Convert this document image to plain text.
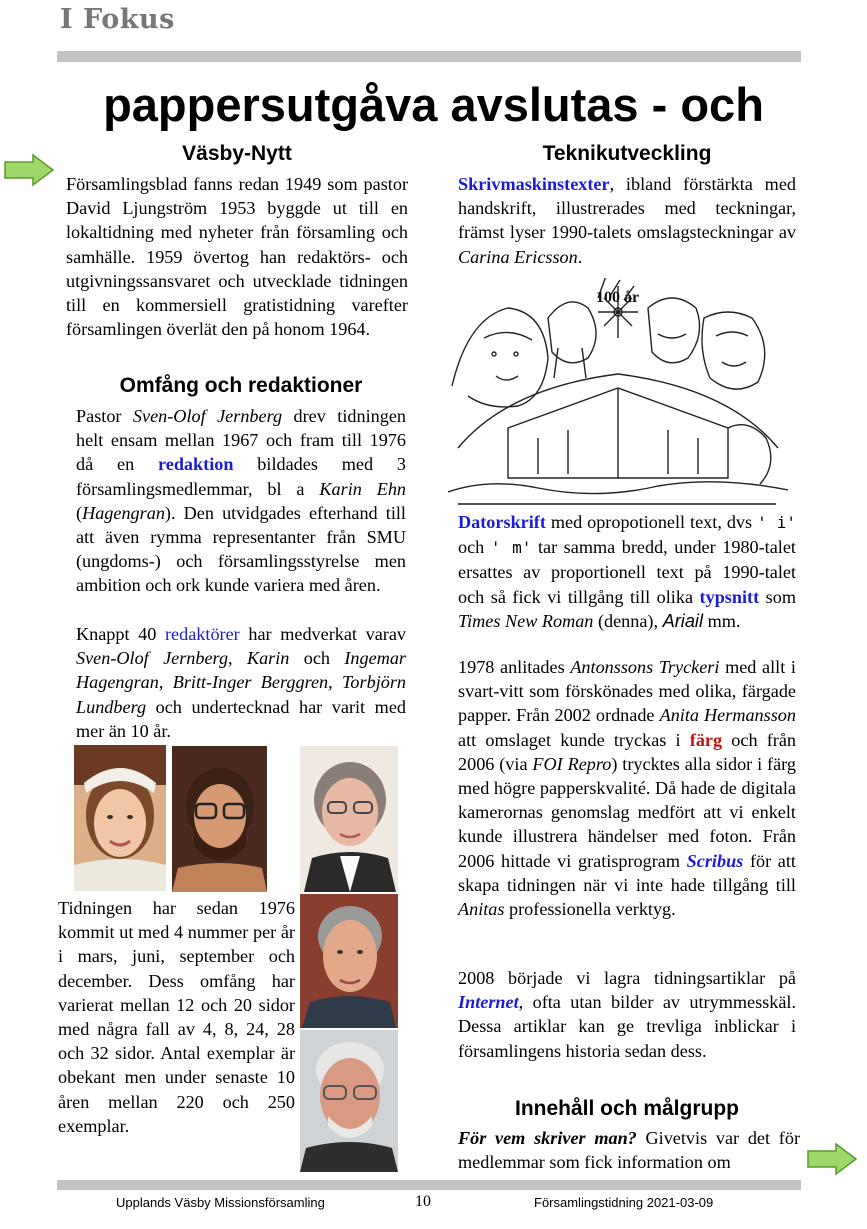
I Fokus
pappersutgåva avslutas - och
Väsby-Nytt
Församlingsblad fanns redan 1949 som pastor David Ljungström 1953 byggde ut till en lokaltidning med nyheter från församling och samhälle. 1959 övertog han redaktörs- och utgivningssansvaret och utvecklade tidningen till en kommersiell gratistidning varefter församlingen överlät den på honom 1964.
Omfång och redaktioner
Pastor Sven-Olof Jernberg drev tidningen helt ensam mellan 1967 och fram till 1976 då en redaktion bildades med 3 församlingsmedlemmar, bl a Karin Ehn (Hagengran). Den utvidgades efterhand till att även rymma representanter från SMU (ungdoms-) och församlingsstyrelse men ambition och ork kunde variera med åren.
Knappt 40 redaktörer har medverkat varav Sven-Olof Jernberg, Karin och Ingemar Hagengran, Britt-Inger Berggren, Torbjörn Lundberg och undertecknad har varit med mer än 10 år.
Tidningen har sedan 1976 kommit ut med 4 nummer per år i mars, juni, september och december. Dess omfång har varierat mellan 12 och 20 sidor med några fall av 4, 8, 24, 28 och 32 sidor. Antal exemplar är obekant men under senaste 10 åren mellan 220 och 250 exemplar.
Teknikutveckling
Skrivmaskinstexter, ibland förstärkta med handskrift, illustrerades med teckningar, främst lyser 1990-talets omslagsteckningar av Carina Ericsson.
100 år
Datorskrift med opropotionell text, dvs ' i' och ' m' tar samma bredd, under 1980-talet ersattes av proportionell text på 1990-talet och så fick vi tillgång till olika typsnitt som Times New Roman (denna), Ariail mm.
1978 anlitades Antonssons Tryckeri med allt i svart-vitt som förskönades med olika, färgade papper. Från 2002 ordnade Anita Hermansson att omslaget kunde tryckas i färg och från 2006 (via FOI Repro) trycktes alla sidor i färg med högre papperskvalité. Då hade de digitala kamerornas genomslag medfört att vi enkelt kunde illustrera händelser med foton. Från 2006 hittade vi gratisprogram Scribus för att skapa tidningen när vi inte hade tillgång till Anitas professionella verktyg.
2008 började vi lagra tidningsartiklar på Internet, ofta utan bilder av utrymmesskäl. Dessa artiklar kan ge trevliga inblickar i församlingens historia sedan dess.
Innehåll och målgrupp
För vem skriver man? Givetvis var det för medlemmar som fick information om
Upplands Väsby Missionsförsamling	10	Församlingstidning 2021-03-09
